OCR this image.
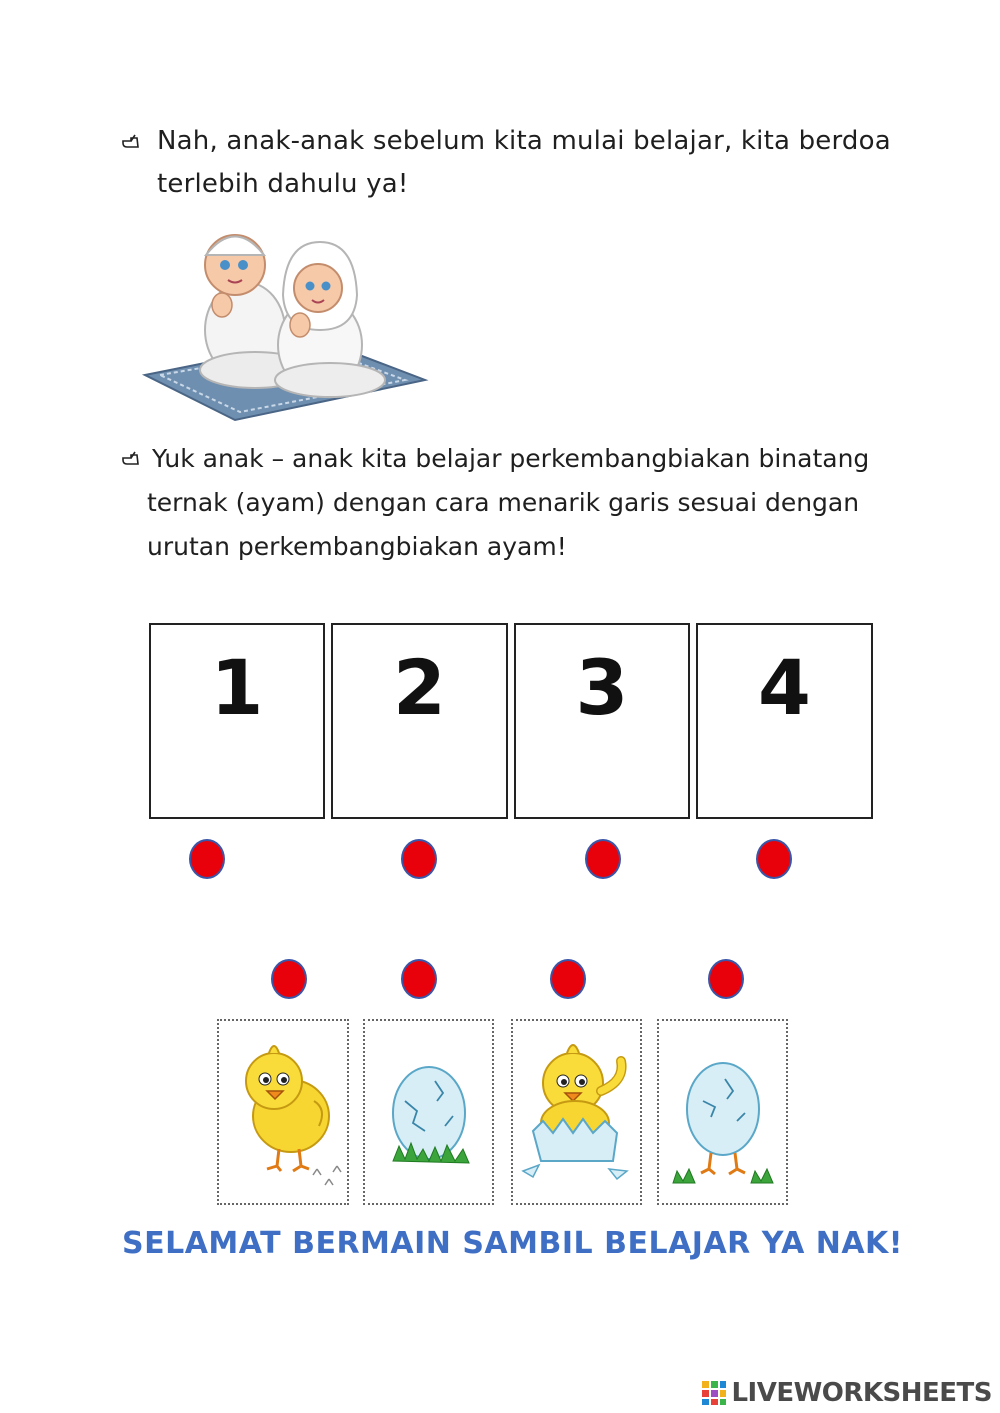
Nah, anak-anak sebelum kita mulai belajar, kita berdoa
terlebih dahulu ya!
Yuk anak – anak kita belajar perkembangbiakan binatang
ternak (ayam) dengan cara menarik garis sesuai dengan
urutan perkembangbiakan ayam!
1	2	3	4
SELAMAT BERMAIN SAMBIL BELAJAR YA NAK!
LIVEWORKSHEETS
